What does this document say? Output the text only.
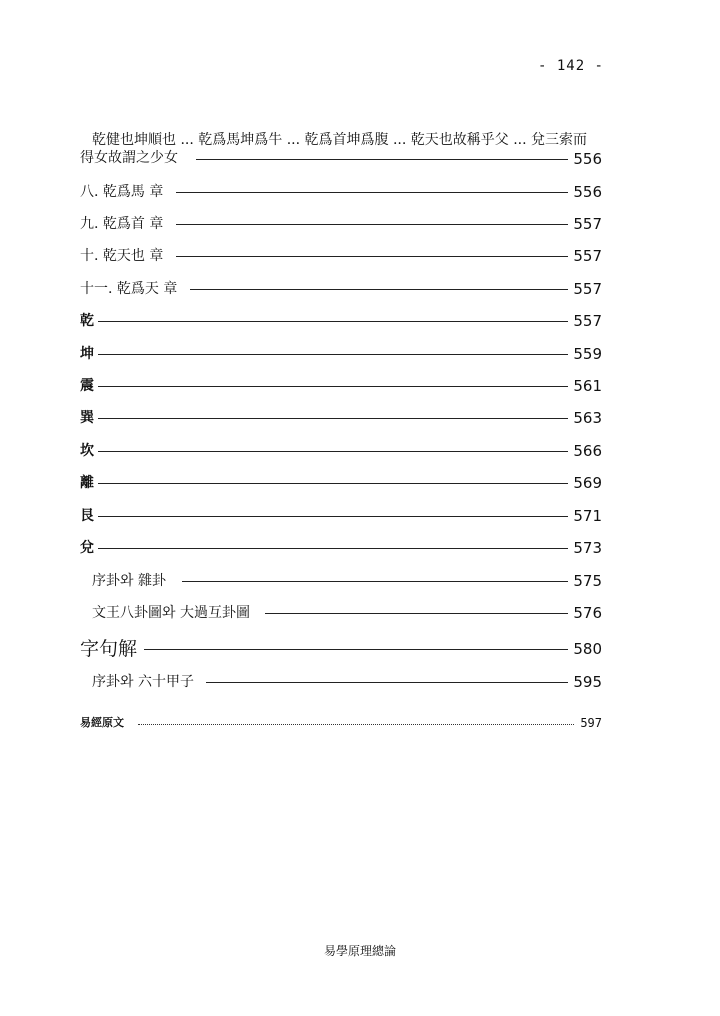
- 142 -
乾健也坤順也 ... 乾爲馬坤爲牛 ... 乾爲首坤爲腹 ... 乾天也故稱乎父 ... 兌三索而
得女故謂之少女	556
八. 乾爲馬 章	556
九. 乾爲首 章	557
十. 乾天也 章	557
十一. 乾爲天 章	557
乾	557
坤	559
震	561
巽	563
坎	566
離	569
艮	571
兌	573
序卦와 雜卦	575
文王八卦圖와 大過互卦圖	576
字句解	580
序卦와 六十甲子	595
易經原文	597
易學原理總論
